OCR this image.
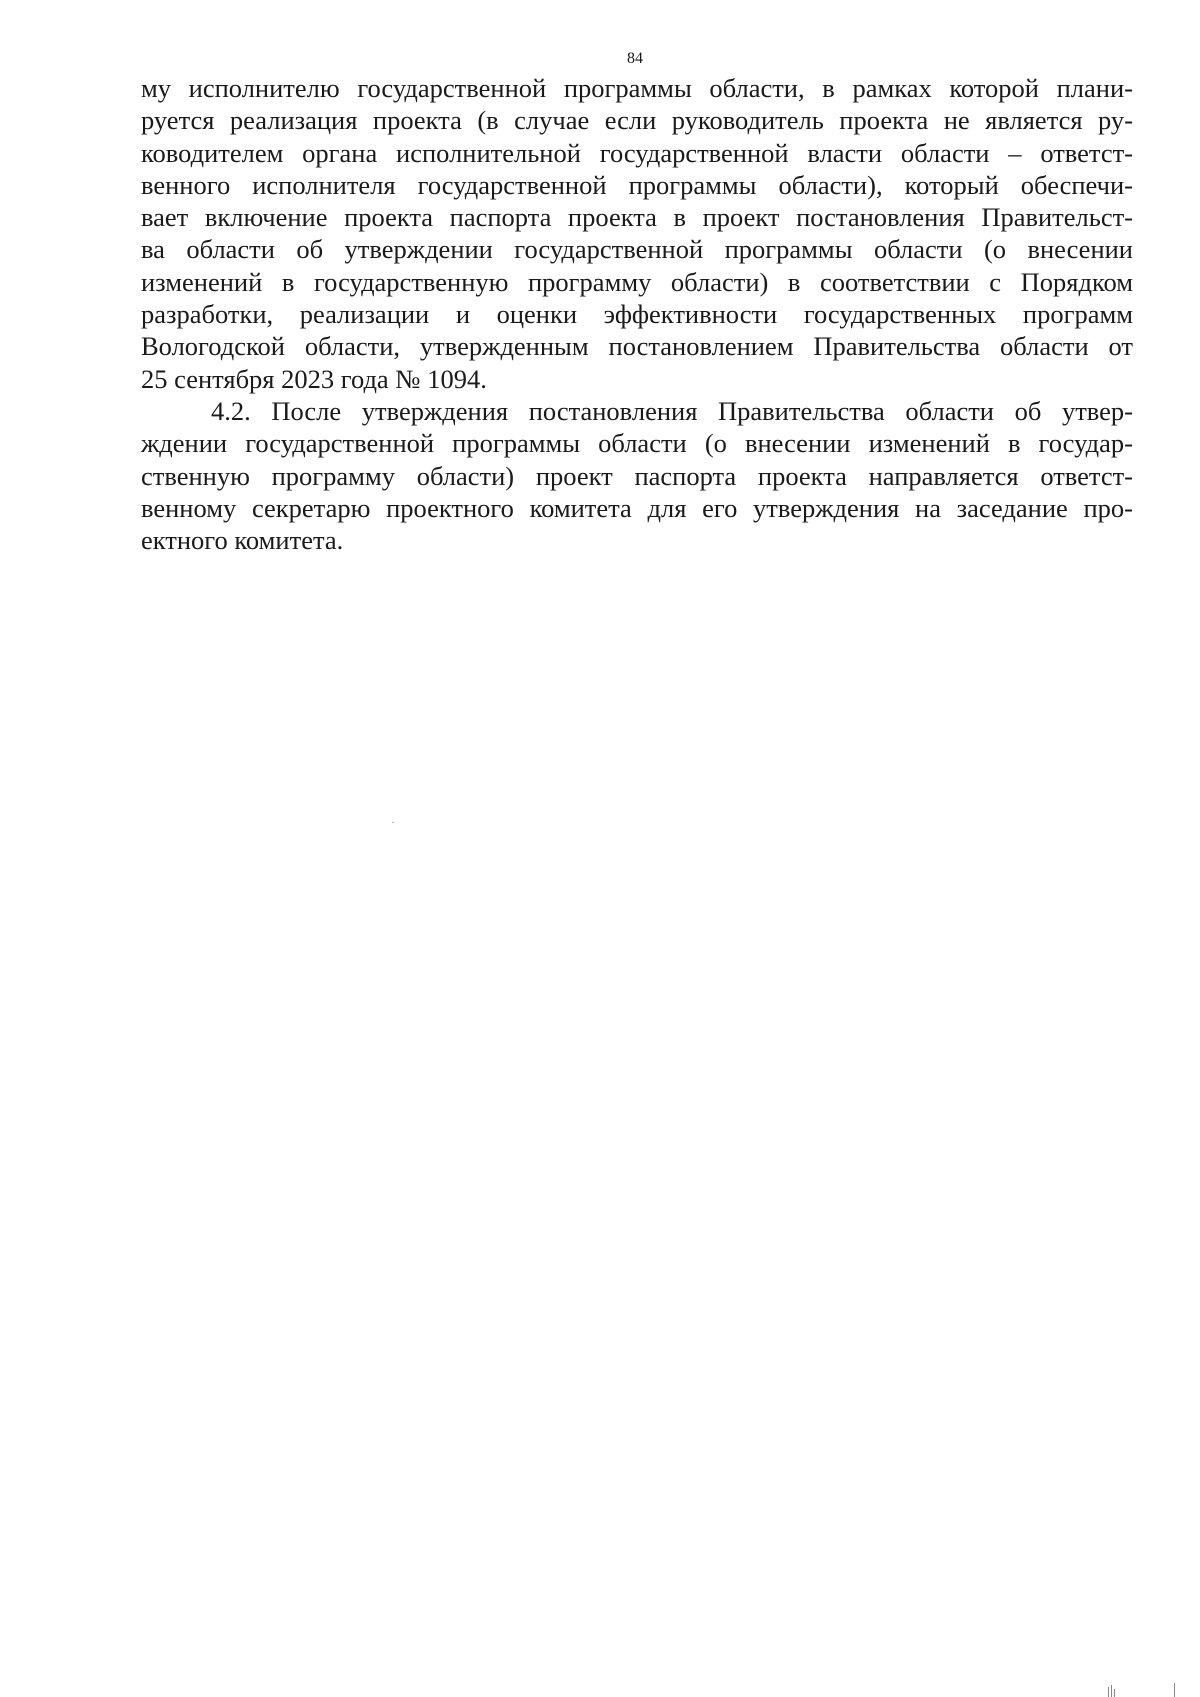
84
му исполнителю государственной программы области, в рамках которой плани-
руется реализация проекта (в случае если руководитель проекта не является ру-
ководителем органа исполнительной государственной власти области – ответст-
венного исполнителя государственной программы области), который обеспечи-
вает включение проекта паспорта проекта в проект постановления Правительст-
ва области об утверждении государственной программы области (о внесении
изменений в государственную программу области) в соответствии с Порядком
разработки, реализации и оценки эффективности государственных программ
Вологодской области, утвержденным постановлением Правительства области от
25 сентября 2023 года № 1094.
4.2. После утверждения постановления Правительства области об утвер-
ждении государственной программы области (о внесении изменений в государ-
ственную программу области) проект паспорта проекта направляется ответст-
венному секретарю проектного комитета для его утверждения на заседание про-
ектного комитета.
